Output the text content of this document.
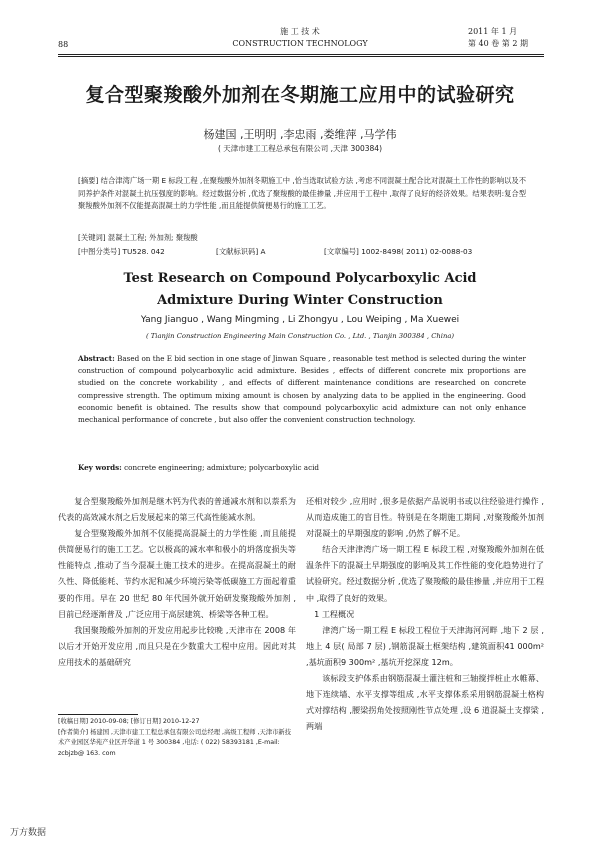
88
施 工 技 术
CONSTRUCTION TECHNOLOGY
2011 年 1 月
第 40 卷 第 2 期
复合型聚羧酸外加剂在冬期施工应用中的试验研究
杨建国 ,王明明 ,李忠雨 ,娄维萍 ,马学伟
( 天津市建工工程总承包有限公司 ,天津 300384)
[摘要] 结合津湾广场一期 E 标段工程 ,在聚羧酸外加剂冬期施工中 ,恰当选取试验方法 ,考虑不同混凝土配合比对混凝土工作性的影响以及不同养护条件对混凝土抗压强度的影响。经过数据分析 ,优选了聚羧酸的最佳掺量 ,并应用于工程中 ,取得了良好的经济效果。结果表明:复合型聚羧酸外加剂不仅能提高混凝土的力学性能 ,而且能提供简便易行的施工工艺。
[关键词] 混凝土工程; 外加剂; 聚羧酸
[中图分类号] TU528. 042	[文献标识码] A	[文章编号] 1002-8498( 2011) 02-0088-03
Test Research on Compound Polycarboxylic Acid
Admixture During Winter Construction
Yang Jianguo , Wang Mingming , Li Zhongyu , Lou Weiping , Ma Xuewei
( Tianjin Construction Engineering Main Construction Co. , Ltd. , Tianjin 300384 , China)
Abstract: Based on the E bid section in one stage of Jinwan Square , reasonable test method is selected during the winter construction of compound polycarboxylic acid admixture. Besides , effects of different concrete mix proportions are studied on the concrete workability , and effects of different maintenance conditions are researched on concrete compressive strength. The optimum mixing amount is chosen by analyzing data to be applied in the engineering. Good economic benefit is obtained. The results show that compound polycarboxylic acid admixture can not only enhance mechanical performance of concrete , but also offer the convenient construction technology.
Key words: concrete engineering; admixture; polycarboxylic acid

复合型聚羧酸外加剂是继木钙为代表的普通减水剂和以萘系为代表的高效减水剂之后发展起来的第三代高性能减水剂。

复合型聚羧酸外加剂不仅能提高混凝土的力学性能 ,而且能提供简便易行的施工工艺。它以极高的减水率和极小的坍落度损失等性能特点 ,推动了当今混凝土施工技术的进步。在提高混凝土的耐久性、降低能耗、节约水泥和减少环境污染等低碳施工方面起着重要的作用。早在 20 世纪 80 年代国外就开始研发聚羧酸外加剂 ,目前已经逐渐普及 ,广泛应用于高层建筑、桥梁等各种工程。

我国聚羧酸外加剂的开发应用起步比较晚 ,天津市在 2008 年以后才开始开发应用 ,而且只是在少数重大工程中应用。因此对其应用技术的基础研究

还相对较少 ,应用时 ,很多是依据产品说明书或以往经验进行操作 ,从而造成施工的盲目性。特别是在冬期施工期间 ,对聚羧酸外加剂对混凝土的早期强度的影响 ,仍然了解不足。

结合天津津湾广场一期工程 E 标段工程 ,对聚羧酸外加剂在低温条件下的混凝土早期强度的影响及其工作性能的变化趋势进行了试验研究。经过数据分析 ,优选了聚羧酸的最佳掺量 ,并应用于工程中 ,取得了良好的效果。

1 工程概况

津湾广场一期工程 E 标段工程位于天津海河河畔 ,地下 2 层 ,地上 4 层( 局部 7 层) ,钢筋混凝土框架结构 ,建筑面积41 000m² ,基坑面积9 300m² ,基坑开挖深度 12m。

该标段支护体系由钢筋混凝土灌注桩和三轴搅拌桩止水帷幕、地下连续墙、水平支撑等组成 ,水平支撑体系采用钢筋混凝土格构式对撑结构 ,腰梁拐角处按照刚性节点处理 ,设 6 道混凝土支撑梁 ,两端

[收稿日期] 2010-09-08; [修订日期] 2010-12-27
[作者简介] 杨建国 ,天津市建工工程总承包有限公司总经理 ,高级工程师 ,天津市新技术产业园区华苑产业区开华道 1 号 300384 ,电话: ( 022) 58393181 ,E-mail: zcbjzb@ 163. com
万方数据
